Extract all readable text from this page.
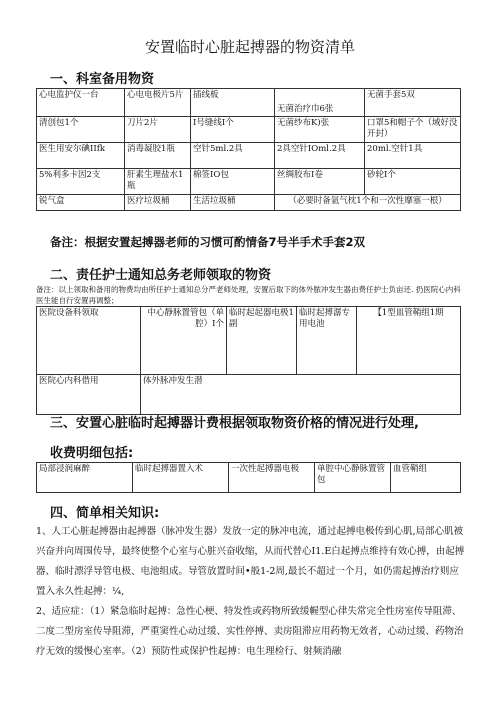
安置临时心脏起搏器的物资清单
一、科室备用物资
心电监护仪一台	心电电极片5片	插线板	无菌治疗巾6张	无菌手套5双
清创包1个	刀片2片	I号缝线I个	无菌纱布K)张	口罩5和帽子个（域好没开封）
医生用安尔碘IIfk	消毒凝胶1瓶	空针5ml.2具	2具空针IOml.2具	20ml.空针1具
5%利多卡因2支	肝素生理盐水1瓶	棉签IO包	丝绸胶布I卷	砂轮I个
锐气盒	医疗垃圾桶	生活垃圾桶	（必要时备氩气枕1个和一次性靡塞一根）	
备注：根据安置起搏器老师的习惯可酌情备7号半手术手套2双
二、责任护士通知总务老师领取的物资
备注：以上领取和备用的物费均由所任护士通知总分严老师处理，安置后取下的体外脓冲发生器由费任护士负亩还. 扔医院心内科医生能自行安置再调整；
医院设备科领取	中心静脉置管包（单腔）I个	临时起起器电极1副	临时起搏潺专用电池	【1型皿管鞘组1期
医院心内科借用	体外脉冲发生潜			
三、安置心脏临时起搏器计费根据领取物资价格的情况进行处理,
收费明细包括:
局部浸润麻醉	临时起搏器置入术	一次性起搏器电极	单腔中心静脉置管包	血管鞘组
四、简单相关知识:

1、人工心脏起搏器由起搏器（脉冲发生器）发放一定的脉冲电流，通过起搏电极传到心肌,局部心肌被兴奋并向周围传导，最终使整个心室与心脏兴奋收缩，从而代替心I1.E白起搏点维持有效心搏，由起搏器、临时漂浮导管电极、电池组成。导管放置时间•般1-2周,最长不超过一个月，如仍需起搏治疗则应置入永久性起搏：¼,

2、适应症：（1）紧急临时起搏：急性心梗、特发性或药物所致缓幄型心律失常完全性房室传导阻滞、二度二型房室传导阻滞，严重窦性心动过缓、实性停搏、卖房阻滞应用药物无效者，心动过缓、药物治疗无效的缓慢心室率。（2）预防性或保护性起搏：电生理检行、射频消融
